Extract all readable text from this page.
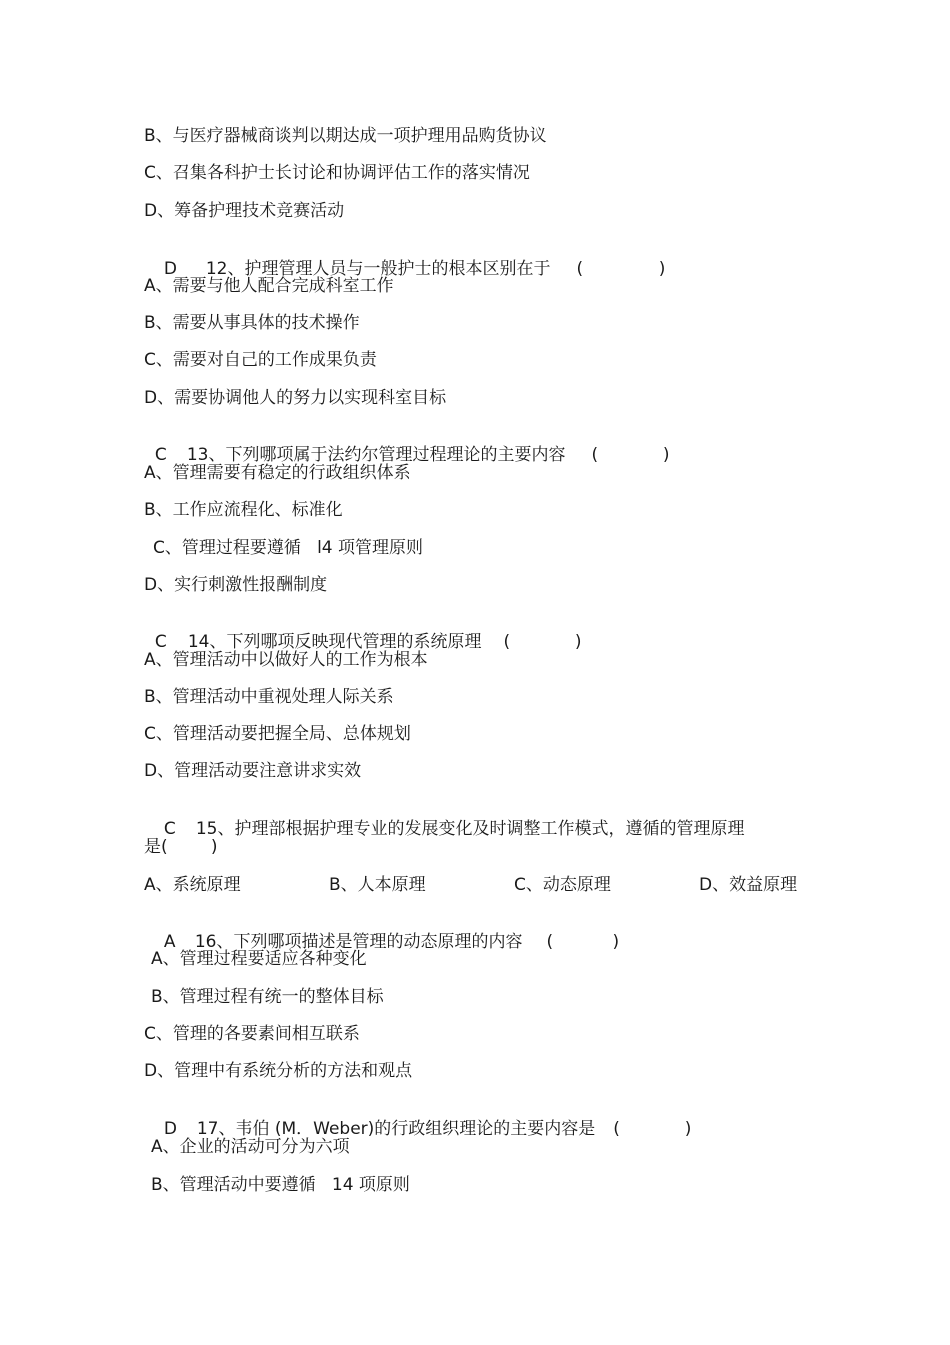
B、与医疗器械商谈判以期达成一项护理用品购货协议
C、召集各科护士长讨论和协调评估工作的落实情况
D、筹备护理技术竞赛活动

D 12、护理管理人员与一般护士的根本区别在于 (              )

A、需要与他人配合完成科室工作
B、需要从事具体的技术操作
C、需要对自己的工作成果负责
D、需要协调他人的努力以实现科室目标

C 13、下列哪项属于法约尔管理过程理论的主要内容 (            )

A、管理需要有稳定的行政组织体系
B、工作应流程化、标准化
C、管理过程要遵循   l4 项管理原则
D、实行刺激性报酬制度

C 14、下列哪项反映现代管理的系统原理 (            )

A、管理活动中以做好人的工作为根本
B、管理活动中重视处理人际关系
C、管理活动要把握全局、总体规划
D、管理活动要注意讲求实效

C 15、护理部根据护理专业的发展变化及时调整工作模式，遵循的管理原理

是(        )
A、系统原理	B、人本原理	C、动态原理	D、效益原理

A 16、下列哪项描述是管理的动态原理的内容 (           )

A、管理过程要适应各种变化
B、管理过程有统一的整体目标
C、管理的各要素间相互联系
D、管理中有系统分析的方法和观点

D 17、韦伯 (M．Weber)的行政组织理论的主要内容是 (            )

A、企业的活动可分为六项
B、管理活动中要遵循   14 项原则
